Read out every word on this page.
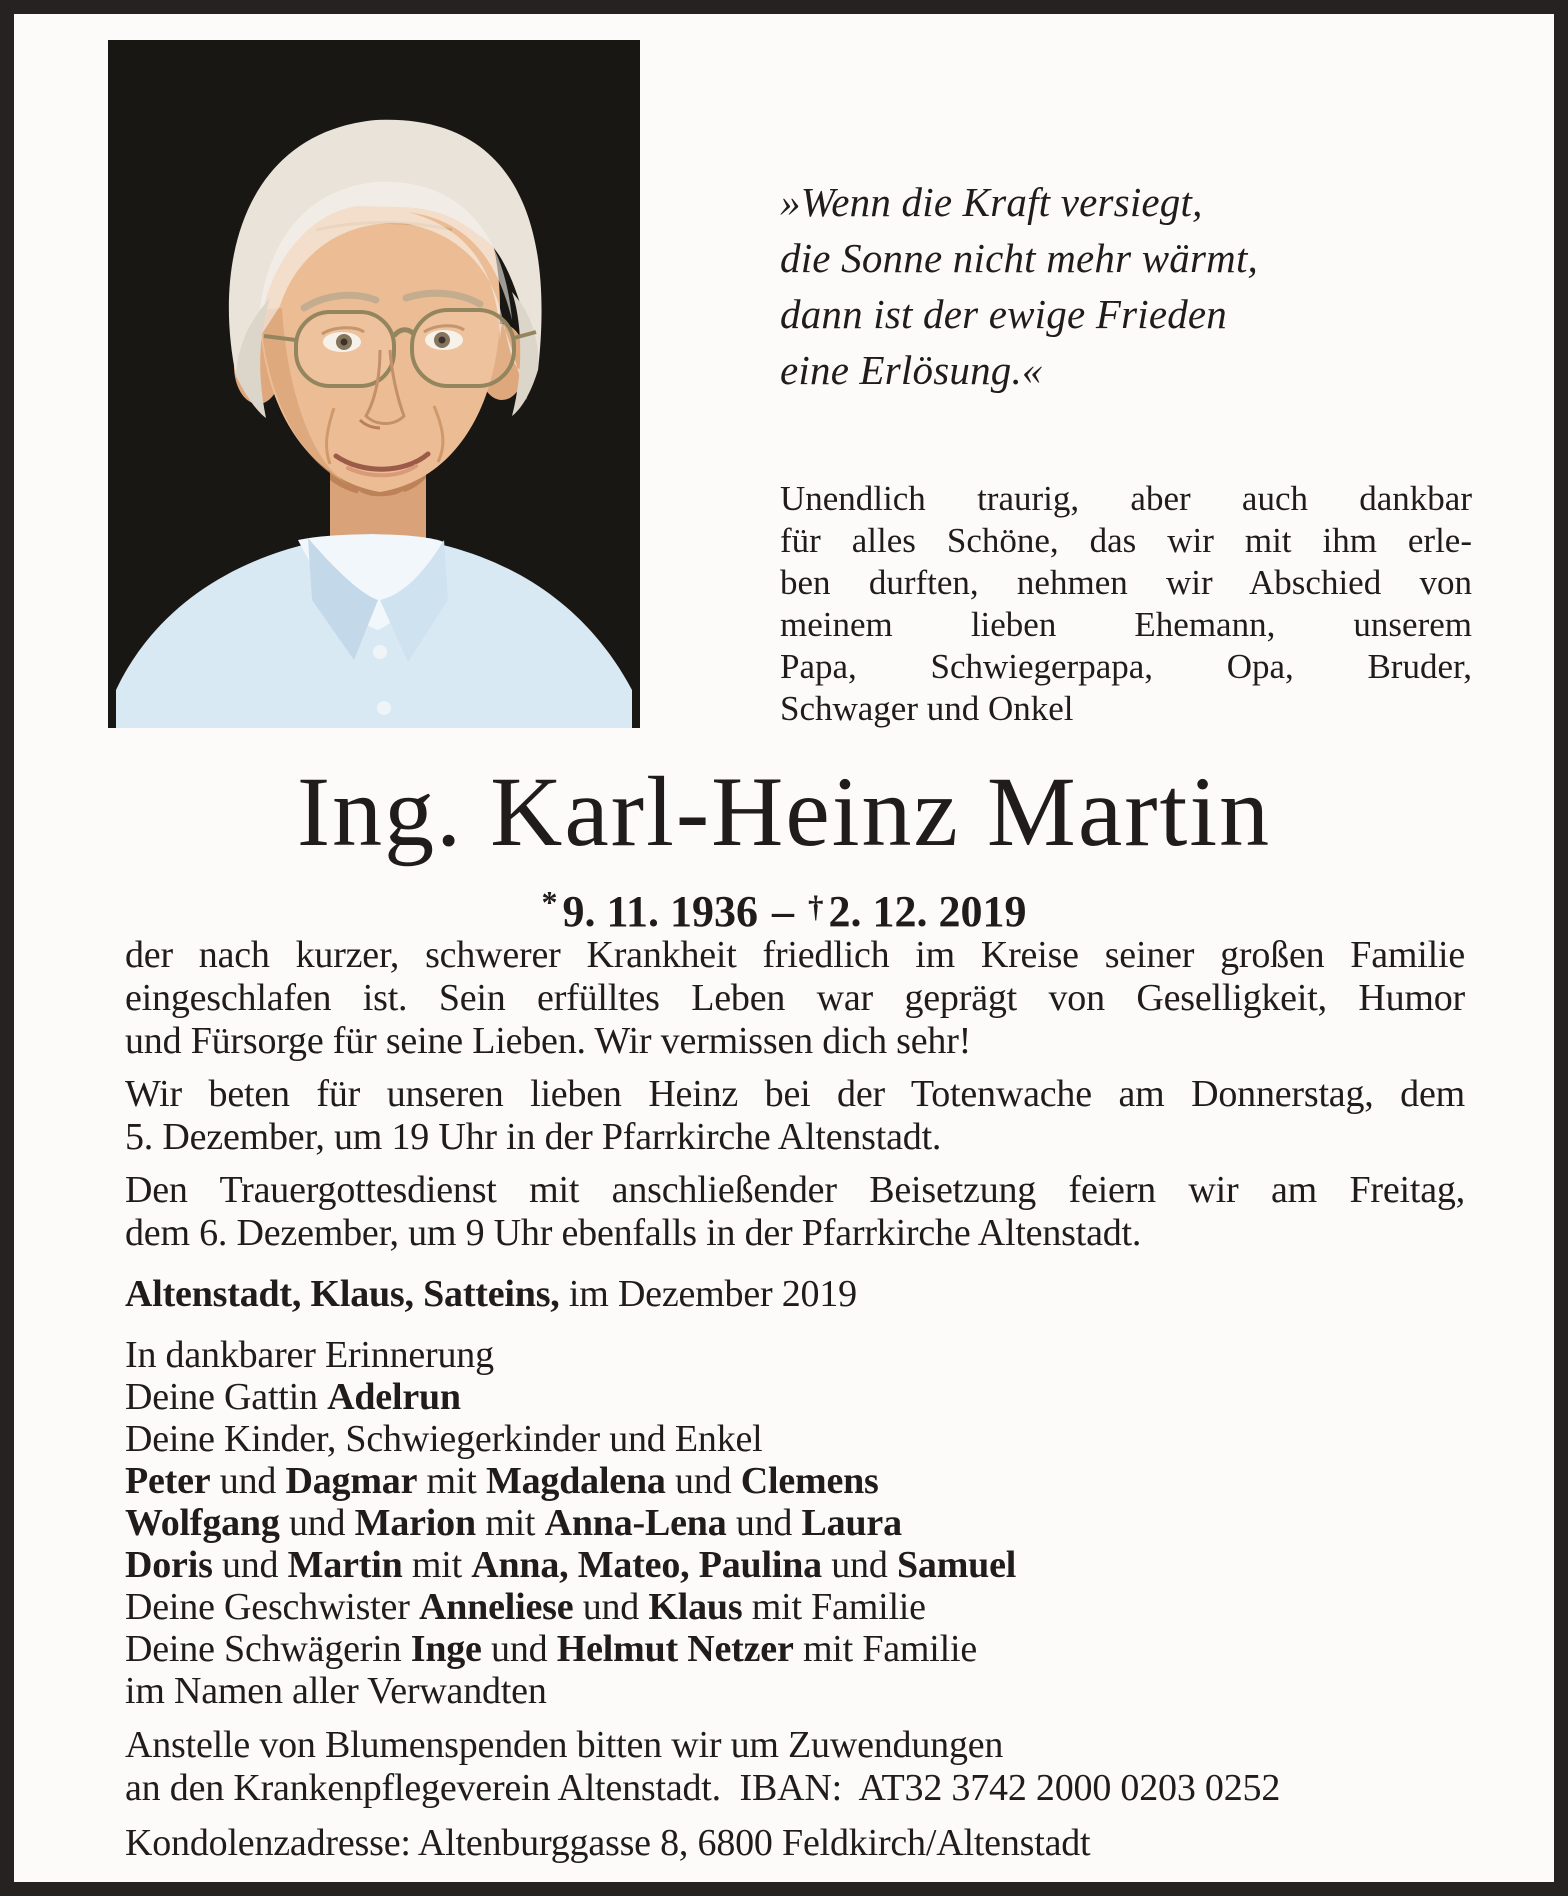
»Wenn die Kraft versiegt,
die Sonne nicht mehr wärmt,
dann ist der ewige Frieden
eine Erlösung.«
Unendlich traurig, aber auch dankbar
für alles Schöne, das wir mit ihm erle-
ben durften, nehmen wir Abschied von
meinem lieben Ehemann, unserem
Papa, Schwiegerpapa, Opa, Bruder,
Schwager und Onkel
Ing. Karl-Heinz Martin
* 9. 11. 1936 – † 2. 12. 2019
der nach kurzer, schwerer Krankheit friedlich im Kreise seiner großen Familie
eingeschlafen ist. Sein erfülltes Leben war geprägt von Geselligkeit, Humor
und Fürsorge für seine Lieben. Wir vermissen dich sehr!
Wir beten für unseren lieben Heinz bei der Totenwache am Donnerstag, dem
5. Dezember, um 19 Uhr in der Pfarrkirche Altenstadt.
Den Trauergottesdienst mit anschließender Beisetzung feiern wir am Freitag,
dem 6. Dezember, um 9 Uhr ebenfalls in der Pfarrkirche Altenstadt.
Altenstadt, Klaus, Satteins, im Dezember 2019
In dankbarer Erinnerung
Deine Gattin Adelrun
Deine Kinder, Schwiegerkinder und Enkel
Peter und Dagmar mit Magdalena und Clemens
Wolfgang und Marion mit Anna-Lena und Laura
Doris und Martin mit Anna, Mateo, Paulina und Samuel
Deine Geschwister Anneliese und Klaus mit Familie
Deine Schwägerin Inge und Helmut Netzer mit Familie
im Namen aller Verwandten
Anstelle von Blumenspenden bitten wir um Zuwendungen
an den Krankenpflegeverein Altenstadt.  IBAN:  AT32 3742 2000 0203 0252
Kondolenzadresse: Altenburggasse 8, 6800 Feldkirch/Altenstadt
